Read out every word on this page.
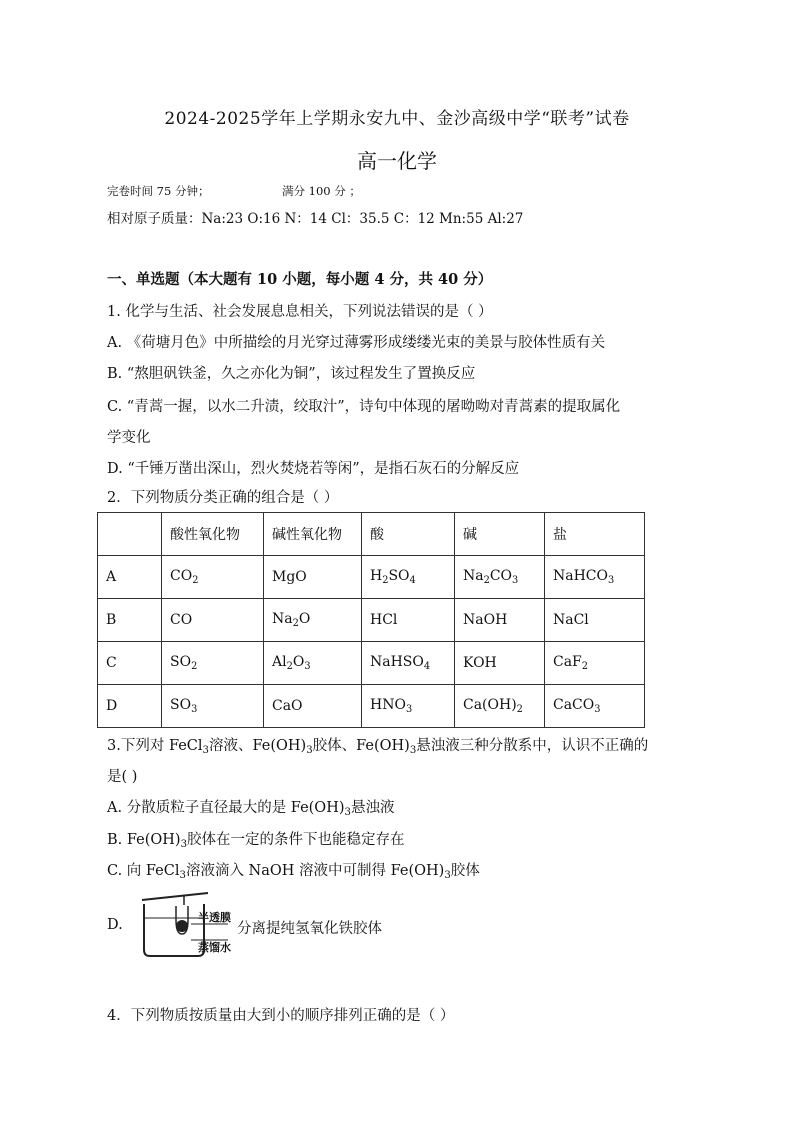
2024-2025学年上学期永安九中、金沙高级中学“联考”试卷
高一化学
完卷时间 75 分钟；	满分 100 分 ；
相对原子质量：Na:23 O:16 N：14 Cl：35.5 C：12 Mn:55 Al:27
一、单选题（本大题有 10 小题，每小题 4 分，共 40 分）
1. 化学与生活、社会发展息息相关，下列说法错误的是（ ）
A. 《荷塘月色》中所描绘的月光穿过薄雾形成缕缕光束的美景与胶体性质有关
B. “熬胆矾铁釜，久之亦化为铜”，该过程发生了置换反应
C. “青蒿一握，以水二升渍，绞取汁”，诗句中体现的屠呦呦对青蒿素的提取属化
学变化
D. “千锤万凿出深山，烈火焚烧若等闲”，是指石灰石的分解反应
2．下列物质分类正确的组合是（ ）
	酸性氧化物	碱性氧化物	酸	碱	盐
A	$CO_2$	MgO	$H_2SO_4$	$Na_2CO_3$	NaHCO$_3$
B	CO	$Na_2O$	HCl	NaOH	NaCl
C	$SO_2$	$Al_2O_3$	NaHSO$_4$	KOH	CaF$_2$
D	$SO_3$	CaO	$HNO_3$	$Ca(OH)_2$	CaCO$_3$
3.下列对 FeCl$_3$溶液、$Fe(OH)_3$胶体、$Fe(OH)_3$悬浊液三种分散系中，认识不正确的
是( )
A. 分散质粒子直径最大的是 $Fe(OH)_3$悬浊液
B. $Fe(OH)_3$胶体在一定的条件下也能稳定存在
C. 向 FeCl$_3$溶液滴入 NaOH 溶液中可制得 $Fe(OH)_3$胶体
D.	半透膜
蒸馏水
分离提纯氢氧化铁胶体
4．下列物质按质量由大到小的顺序排列正确的是（ ）
